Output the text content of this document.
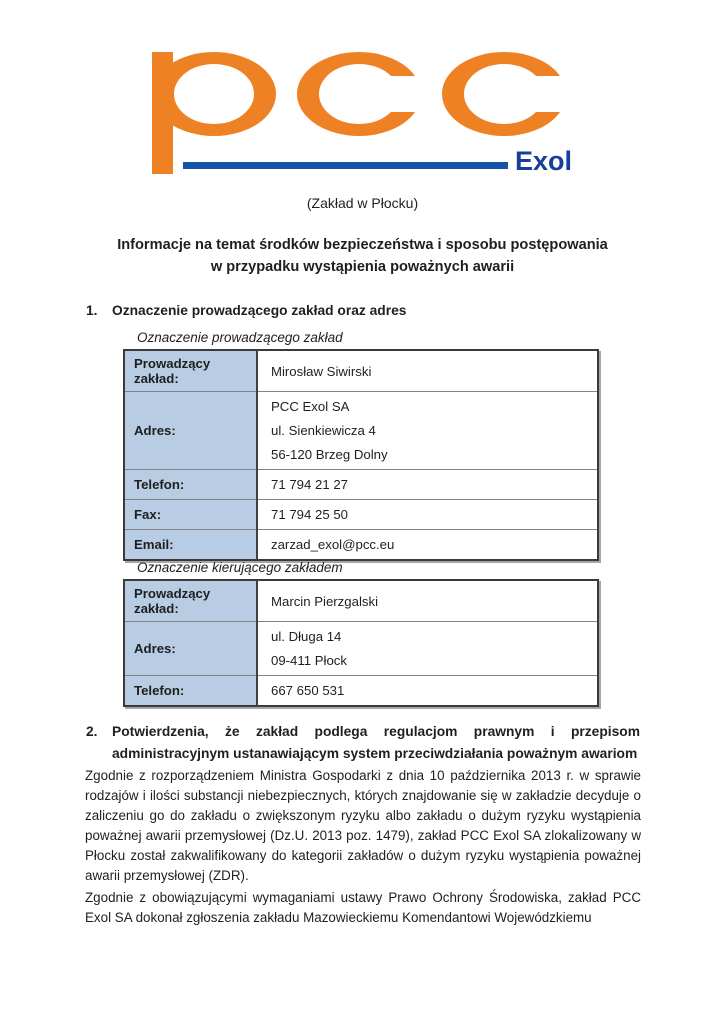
Exol
(Zakład w Płocku)
Informacje na temat środków bezpieczeństwa i sposobu postępowania
w przypadku wystąpienia poważnych awarii
1.	Oznaczenie prowadzącego zakład oraz adres
Oznaczenie prowadzącego zakład
Prowadzący zakład:	Mirosław Siwirski

Adres:	PCC Exol SA
ul. Sienkiewicza 4
56-120 Brzeg Dolny

Telefon:	71 794 21 27

Fax:	71 794 25 50

Email:	zarzad_exol@pcc.eu
Oznaczenie kierującego zakładem
Prowadzący zakład:	Marcin Pierzgalski

Adres:	ul. Długa 14
09-411 Płock

Telefon:	667 650 531
2.	Potwierdzenia, że zakład podlega regulacjom prawnym i przepisom administracyjnym ustanawiającym system przeciwdziałania poważnym awariom
Zgodnie z rozporządzeniem Ministra Gospodarki z dnia 10 października 2013 r. w sprawie rodzajów i ilości substancji niebezpiecznych, których znajdowanie się w zakładzie decyduje o zaliczeniu go do zakładu o zwiększonym ryzyku albo zakładu o dużym ryzyku wystąpienia poważnej awarii przemysłowej (Dz.U. 2013 poz. 1479), zakład PCC Exol SA zlokalizowany w Płocku został zakwalifikowany do kategorii zakładów o dużym ryzyku wystąpienia poważnej awarii przemysłowej (ZDR).
Zgodnie z obowiązującymi wymaganiami ustawy Prawo Ochrony Środowiska, zakład PCC Exol SA dokonał zgłoszenia zakładu Mazowieckiemu Komendantowi Wojewódzkiemu
